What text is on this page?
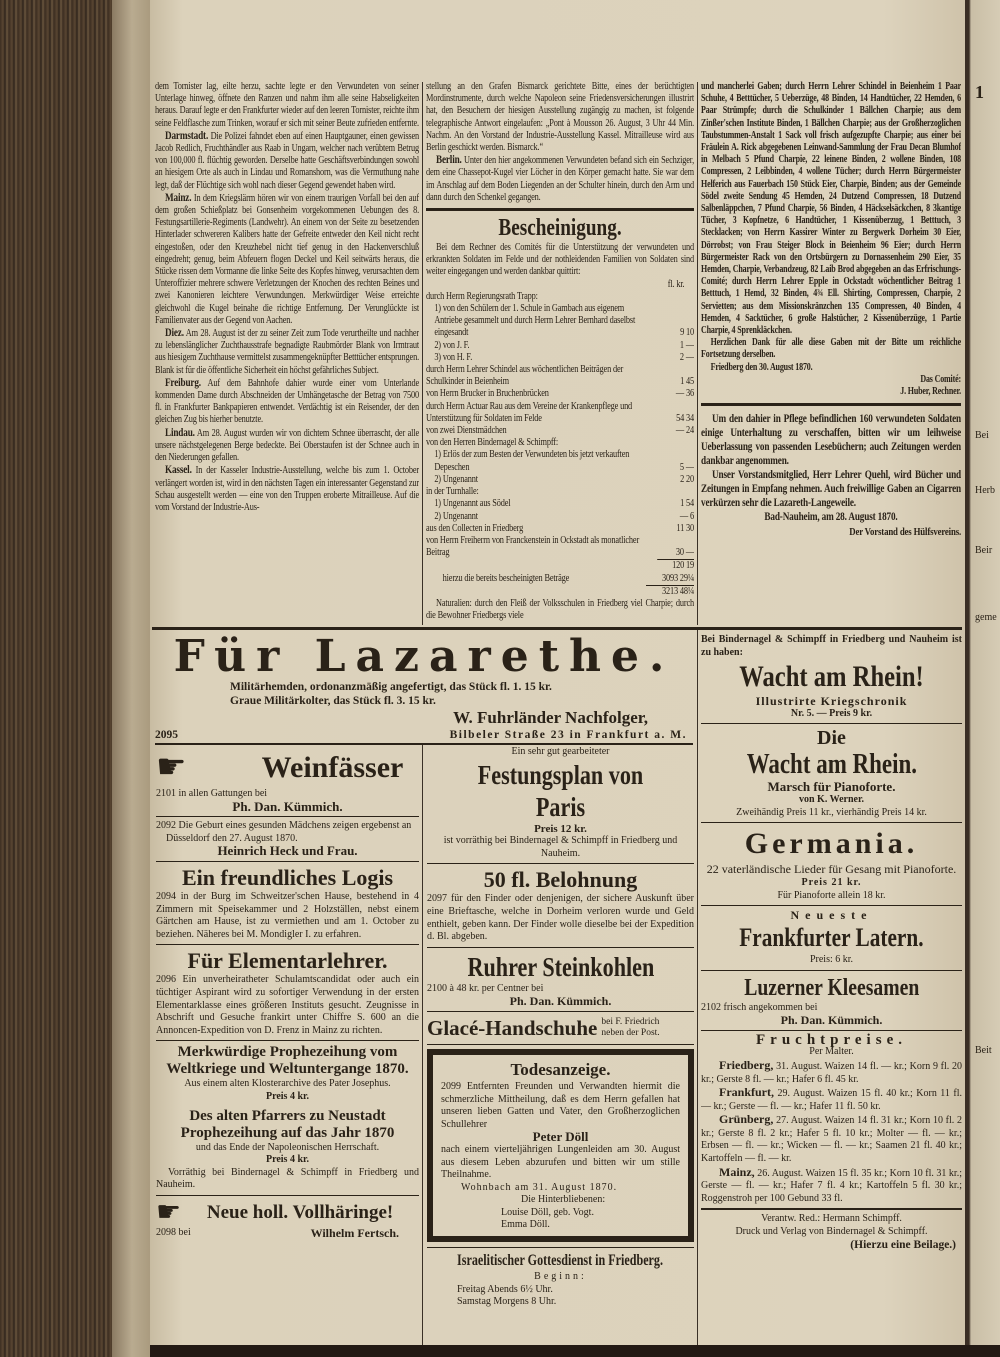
1
Bei
Herb
Beir
geme
Beit

dem Tornister lag, eilte herzu, sachte legte er den Verwundeten von seiner Unterlage hinweg, öffnete den Ranzen und nahm ihm alle seine Habseligkeiten heraus. Darauf legte er den Frankfurter wieder auf den leeren Tornister, reichte ihm seine Feldflasche zum Trinken, worauf er sich mit seiner Beute zufrieden entfernte.

Darmstadt. Die Polizei fahndet eben auf einen Hauptgauner, einen gewissen Jacob Redlich, Fruchthändler aus Raab in Ungarn, welcher nach verübtem Betrug von 100,000 fl. flüchtig geworden. Derselbe hatte Geschäftsverbindungen sowohl an hiesigem Orte als auch in Lindau und Romanshorn, was die Vermuthung nahe legt, daß der Flüchtige sich wohl nach dieser Gegend gewendet haben wird.

Mainz. In dem Kriegslärm hören wir von einem traurigen Vorfall bei den auf dem großen Schießplatz bei Gonsenheim vorgekommenen Uebungen des 8. Festungsartillerie-Regiments (Landwehr). An einem von der Seite zu besetzenden Hinterlader schwereren Kalibers hatte der Gefreite entweder den Keil nicht recht eingestoßen, oder den Kreuzhebel nicht tief genug in den Hackenverschluß eingedreht; genug, beim Abfeuern flogen Deckel und Keil seitwärts heraus, die Stücke rissen dem Vormanne die linke Seite des Kopfes hinweg, verursachten dem Unteroffizier mehrere schwere Verletzungen der Knochen des rechten Beines und zwei Kanonieren leichtere Verwundungen. Merkwürdiger Weise erreichte gleichwohl die Kugel beinahe die richtige Entfernung. Der Verunglückte ist Familienvater aus der Gegend von Aachen.

Diez. Am 28. August ist der zu seiner Zeit zum Tode verurtheilte und nachher zu lebenslänglicher Zuchthausstrafe begnadigte Raubmörder Blank von Irmtraut aus hiesigem Zuchthause vermittelst zusammengeknüpfter Betttücher entsprungen. Blank ist für die öffentliche Sicherheit ein höchst gefährliches Subject.

Freiburg. Auf dem Bahnhofe dahier wurde einer vom Unterlande kommenden Dame durch Abschneiden der Umhängetasche der Betrag von 7500 fl. in Frankfurter Bankpapieren entwendet. Verdächtig ist ein Reisender, der den gleichen Zug bis hierher benutzte.

Lindau. Am 28. August wurden wir von dichtem Schnee überrascht, der alle unsere nächstgelegenen Berge bedeckte. Bei Oberstaufen ist der Schnee auch in den Niederungen gefallen.

Kassel. In der Kasseler Industrie-Ausstellung, welche bis zum 1. October verlängert worden ist, wird in den nächsten Tagen ein interessanter Gegenstand zur Schau ausgestellt werden — eine von den Truppen eroberte Mitrailleuse. Auf die vom Vorstand der Industrie-Aus-

stellung an den Grafen Bismarck gerichtete Bitte, eines der berüchtigten Mordinstrumente, durch welche Napoleon seine Friedensversicherungen illustrirt hat, den Besuchern der hiesigen Ausstellung zugängig zu machen, ist folgende telegraphische Antwort eingelaufen: „Pont à Mousson 26. August, 3 Uhr 44 Min. Nachm. An den Vorstand der Industrie-Ausstellung Kassel. Mitrailleuse wird aus Berlin geschickt werden. Bismarck.“

Berlin. Unter den hier angekommenen Verwundeten befand sich ein Sechziger, dem eine Chassepot-Kugel vier Löcher in den Körper gemacht hatte. Sie war dem im Anschlag auf dem Boden Liegenden an der Schulter hinein, durch den Arm und dann durch den Schenkel gegangen.

Bescheinigung.

Bei dem Rechner des Comités für die Unterstützung der verwundeten und erkrankten Soldaten im Felde und der nothleidenden Familien von Soldaten sind weiter eingegangen und werden dankbar quittirt:

fl. kr.
durch Herrn Regierungsrath Trapp:
1) von den Schülern der 1. Schule in Gambach aus eigenem Antriebe gesammelt und durch Herrn Lehrer Bernhard daselbst eingesandt	9 10
2) von J. F.	1 —
3) von H. F.	2 —
durch Herrn Lehrer Schindel aus wöchentlichen Beiträgen der Schulkinder in Beienheim	1 45
von Herrn Brucker in Bruchenbrücken	— 36
durch Herrn Actuar Rau aus dem Vereine der Krankenpflege und Unterstützung für Soldaten im Felde	54 34
von zwei Dienstmädchen	— 24
von den Herren Bindernagel & Schimpff:
1) Erlös der zum Besten der Verwundeten bis jetzt verkauften Depeschen	5 —
2) Ungenannt	2 20
in der Turnhalle:
1) Ungenannt aus Södel	1 54
2) Ungenannt	— 6
aus den Collecten in Friedberg	11 30
von Herrn Freiherrn von Franckenstein in Ockstadt als monatlicher Beitrag	30 —
120 19
hierzu die bereits bescheinigten Beträge	3093 29¼
3213 48¼

Naturalien: durch den Fleiß der Volksschulen in Friedberg viel Charpie; durch die Bewohner Friedbergs viele

und mancherlei Gaben; durch Herrn Lehrer Schindel in Beienheim 1 Paar Schuhe, 4 Betttücher, 5 Ueberzüge, 48 Binden, 14 Handtücher, 22 Hemden, 6 Paar Strümpfe; durch die Schulkinder 1 Bällchen Charpie; aus dem Zinßer'schen Institute Binden, 1 Bällchen Charpie; aus der Großherzoglichen Taubstummen-Anstalt 1 Sack voll frisch aufgezupfte Charpie; aus einer bei Fräulein A. Rick abgegebenen Leinwand-Sammlung der Frau Decan Blumhof in Melbach 5 Pfund Charpie, 22 leinene Binden, 2 wollene Binden, 108 Compressen, 2 Leibbinden, 4 wollene Tücher; durch Herrn Bürgermeister Helferich aus Fauerbach 150 Stück Eier, Charpie, Binden; aus der Gemeinde Södel zweite Sendung 45 Hemden, 24 Dutzend Compressen, 18 Dutzend Salbenläppchen, 7 Pfund Charpie, 56 Binden, 4 Häckselsäckchen, 8 3kantige Tücher, 3 Kopfnetze, 6 Handtücher, 1 Kissenüberzug, 1 Betttuch, 3 Stecklacken; von Herrn Kassirer Winter zu Bergwerk Dorheim 30 Eier, Dörrobst; von Frau Steiger Block in Beienheim 96 Eier; durch Herrn Bürgermeister Rack von den Ortsbürgern zu Dornassenheim 290 Eier, 35 Hemden, Charpie, Verbandzeug, 82 Laib Brod abgegeben an das Erfrischungs-Comité; durch Herrn Lehrer Epple in Ockstadt wöchentlicher Beitrag 1 Betttuch, 1 Hemd, 32 Binden, 4¾ Ell. Shirting, Compressen, Charpie, 2 Servietten; aus dem Missionskränzchen 135 Compressen, 40 Binden, 4 Hemden, 4 Sacktücher, 6 große Halstücher, 2 Kissenüberzüge, 1 Partie Charpie, 4 Sprenkläckchen.

Herzlichen Dank für alle diese Gaben mit der Bitte um reichliche Fortsetzung derselben.

Friedberg den 30. August 1870.

Das Comité:
J. Huber, Rechner.

Um den dahier in Pflege befindlichen 160 verwundeten Soldaten einige Unterhaltung zu verschaffen, bitten wir um leihweise Ueberlassung von passenden Lesebüchern; auch Zeitungen werden dankbar angenommen.

Unser Vorstandsmitglied, Herr Lehrer Quehl, wird Bücher und Zeitungen in Empfang nehmen. Auch freiwillige Gaben an Cigarren verkürzen sehr die Lazareth-Langeweile.

Bad-Nauheim, am 28. August 1870.

Der Vorstand des Hülfsvereins.
Für Lazarethe.
Militärhemden, ordonanzmäßig angefertigt, das Stück fl. 1. 15 kr.
Graue Militärkolter, das Stück fl. 3. 15 kr.
W. Fuhrländer Nachfolger,
2095	Bilbeler Straße 23 in Frankfurt a. M.
☛	Weinfässer
2101 in allen Gattungen bei
Ph. Dan. Kümmich.

2092 Die Geburt eines gesunden Mädchens zeigen ergebenst an

Düsseldorf den 27. August 1870.
Heinrich Heck und Frau.
Ein freundliches Logis

2094 in der Burg im Schweitzer'schen Hause, bestehend in 4 Zimmern mit Speisekammer und 2 Holzställen, nebst einem Gärtchen am Hause, ist zu vermiethen und am 1. October zu beziehen. Näheres bei M. Mondigler I. zu erfahren.

Für Elementarlehrer.

2096 Ein unverheiratheter Schulamtscandidat oder auch ein tüchtiger Aspirant wird zu sofortiger Verwendung in der ersten Elementarklasse eines größeren Instituts gesucht. Zeugnisse in Abschrift und Gesuche frankirt unter Chiffre S. 600 an die Annoncen-Expedition von D. Frenz in Mainz zu richten.

Merkwürdige Prophezeihung vom Weltkriege und Weltuntergange 1870.
Aus einem alten Klosterarchive des Pater Josephus.
Preis 4 kr.
Des alten Pfarrers zu Neustadt Prophezeihung auf das Jahr 1870
und das Ende der Napoleonischen Herrschaft.
Preis 4 kr.

Vorräthig bei Bindernagel & Schimpff in Friedberg und Nauheim.

☛	Neue holl. Vollhäringe!
2098 bei	Wilhelm Fertsch.
Ein sehr gut gearbeiteter
Festungsplan von Paris
Preis 12 kr.
ist vorräthig bei Bindernagel & Schimpff in Friedberg und Nauheim.
50 fl. Belohnung

2097 für den Finder oder denjenigen, der sichere Auskunft über eine Brieftasche, welche in Dorheim verloren wurde und Geld enthielt, geben kann. Der Finder wolle dieselbe bei der Expedition d. Bl. abgeben.

Ruhrer Steinkohlen
2100 à 48 kr. per Centner bei
Ph. Dan. Kümmich.
Glacé-Handschuhe bei F. Friedrich
neben der Post.
Todesanzeige.

2099 Entfernten Freunden und Verwandten hiermit die schmerzliche Mittheilung, daß es dem Herrn gefallen hat unseren lieben Gatten und Vater, den Großherzoglichen Schullehrer

Peter Döll

nach einem vierteljährigen Lungenleiden am 30. August aus diesem Leben abzurufen und bitten wir um stille Theilnahme.

Wohnbach am 31. August 1870.
Die Hinterbliebenen:
Louise Döll, geb. Vogt.
Emma Döll.
Israelitischer Gottesdienst in Friedberg.
Beginn:
Freitag Abends 6½ Uhr.
Samstag Morgens 8 Uhr.
Bei Bindernagel & Schimpff in Friedberg und Nauheim ist zu haben:
Wacht am Rhein!
Illustrirte Kriegschronik
Nr. 5. — Preis 9 kr.
Die
Wacht am Rhein.
Marsch für Pianoforte.
von K. Werner.
Zweihändig Preis 11 kr., vierhändig Preis 14 kr.
Germania.
22 vaterländische Lieder für Gesang mit Pianoforte.
Preis 21 kr.
Für Pianoforte allein 18 kr.
Neueste
Frankfurter Latern.
Preis: 6 kr.
Luzerner Kleesamen
2102 frisch angekommen bei
Ph. Dan. Kümmich.
Fruchtpreise.
Per Malter.
Friedberg, 31. August. Waizen 14 fl. — kr.; Korn 9 fl. 20 kr.; Gerste 8 fl. — kr.; Hafer 6 fl. 45 kr.
Frankfurt, 29. August. Waizen 15 fl. 40 kr.; Korn 11 fl. — kr.; Gerste — fl. — kr.; Hafer 11 fl. 50 kr.
Grünberg, 27. August. Waizen 14 fl. 31 kr.; Korn 10 fl. 2 kr.; Gerste 8 fl. 2 kr.; Hafer 5 fl. 10 kr.; Molter — fl. — kr.; Erbsen — fl. — kr.; Wicken — fl. — kr.; Saamen 21 fl. 40 kr.; Kartoffeln — fl. — kr.
Mainz, 26. August. Waizen 15 fl. 35 kr.; Korn 10 fl. 31 kr.; Gerste — fl. — kr.; Hafer 7 fl. 4 kr.; Kartoffeln 5 fl. 30 kr.; Roggenstroh per 100 Gebund 33 fl.
Verantw. Red.: Hermann Schimpff.
Druck und Verlag von Bindernagel & Schimpff.
(Hierzu eine Beilage.)
